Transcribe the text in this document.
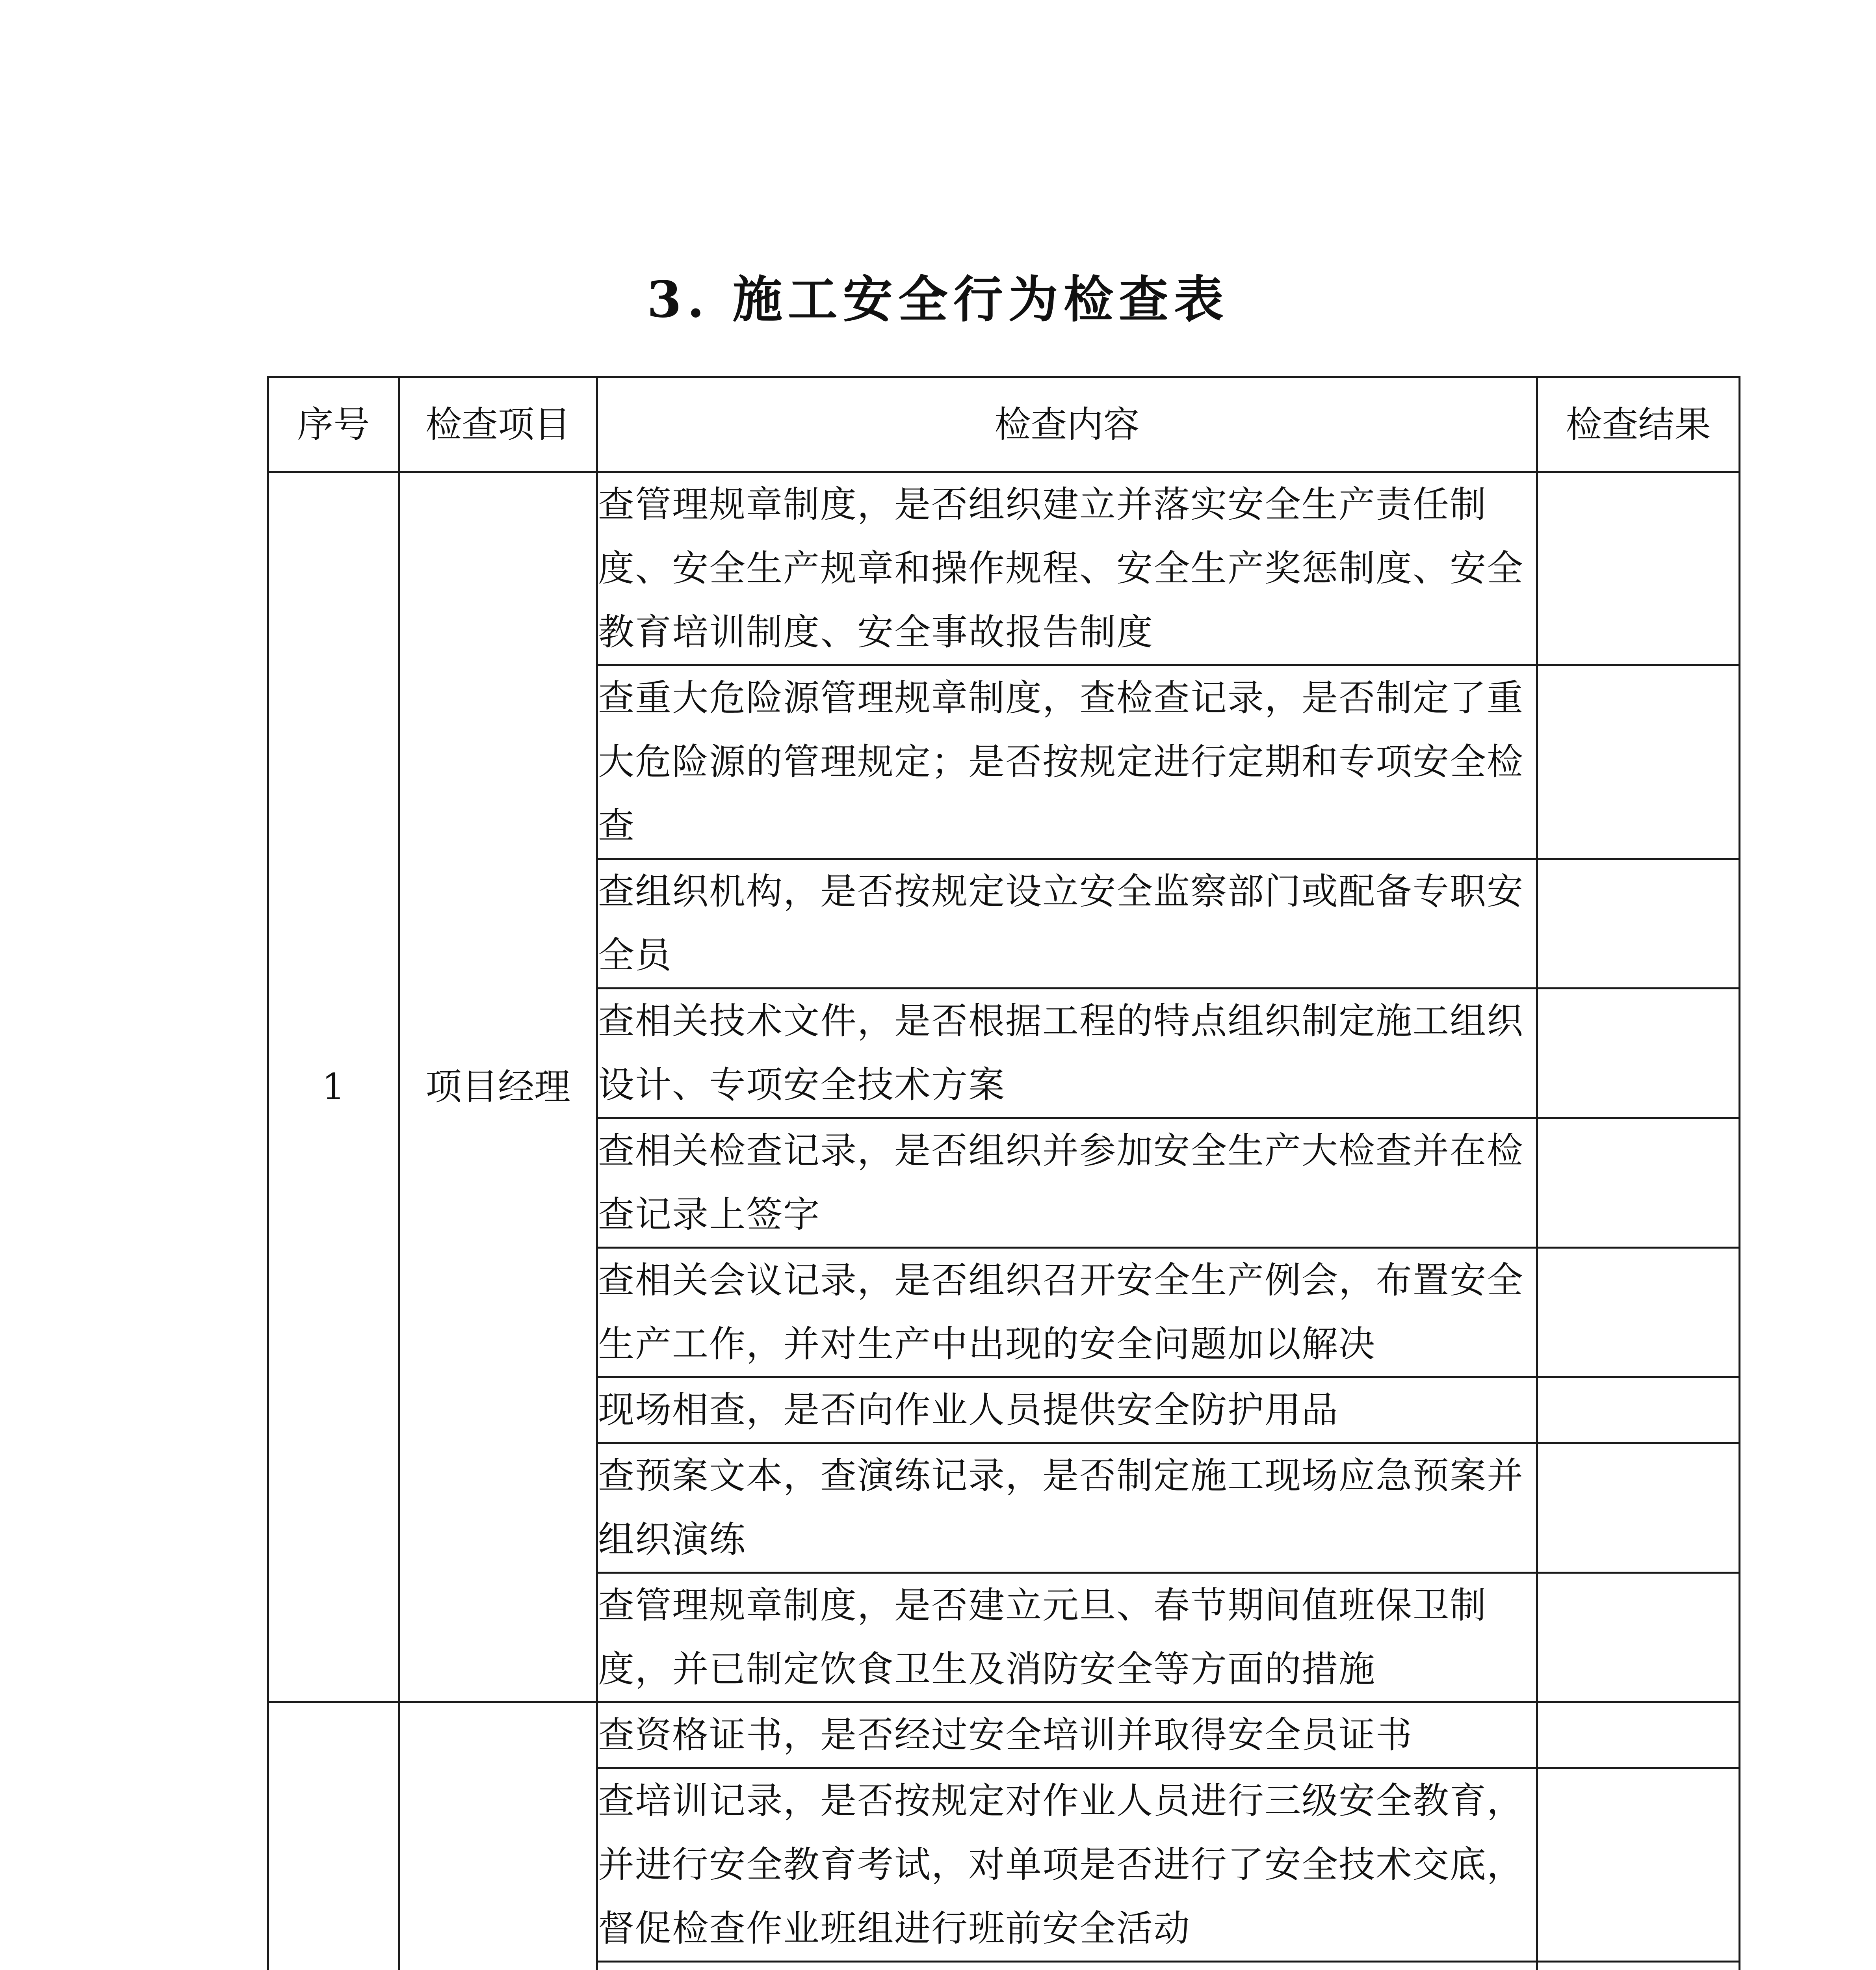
3. 施工安全行为检查表
序号	检查项目	检查内容	检查结果
1	项目经理	查管理规章制度，是否组织建立并落实安全生产责任制度、安全生产规章和操作规程、安全生产奖惩制度、安全教育培训制度、安全事故报告制度	
		查重大危险源管理规章制度，查检查记录，是否制定了重大危险源的管理规定；是否按规定进行定期和专项安全检查	
		查组织机构，是否按规定设立安全监察部门或配备专职安全员	
		查相关技术文件，是否根据工程的特点组织制定施工组织设计、专项安全技术方案	
		查相关检查记录，是否组织并参加安全生产大检查并在检查记录上签字	
		查相关会议记录，是否组织召开安全生产例会，布置安全生产工作，并对生产中出现的安全问题加以解决	
		现场相查，是否向作业人员提供安全防护用品	
		查预案文本，查演练记录，是否制定施工现场应急预案并组织演练	
		查管理规章制度，是否建立元旦、春节期间值班保卫制度，并已制定饮食卫生及消防安全等方面的措施	
		查资格证书，是否经过安全培训并取得安全员证书	
		查培训记录，是否按规定对作业人员进行三级安全教育，并进行安全教育考试，对单项是否进行了安全技术交底，督促检查作业班组进行班前安全活动	
